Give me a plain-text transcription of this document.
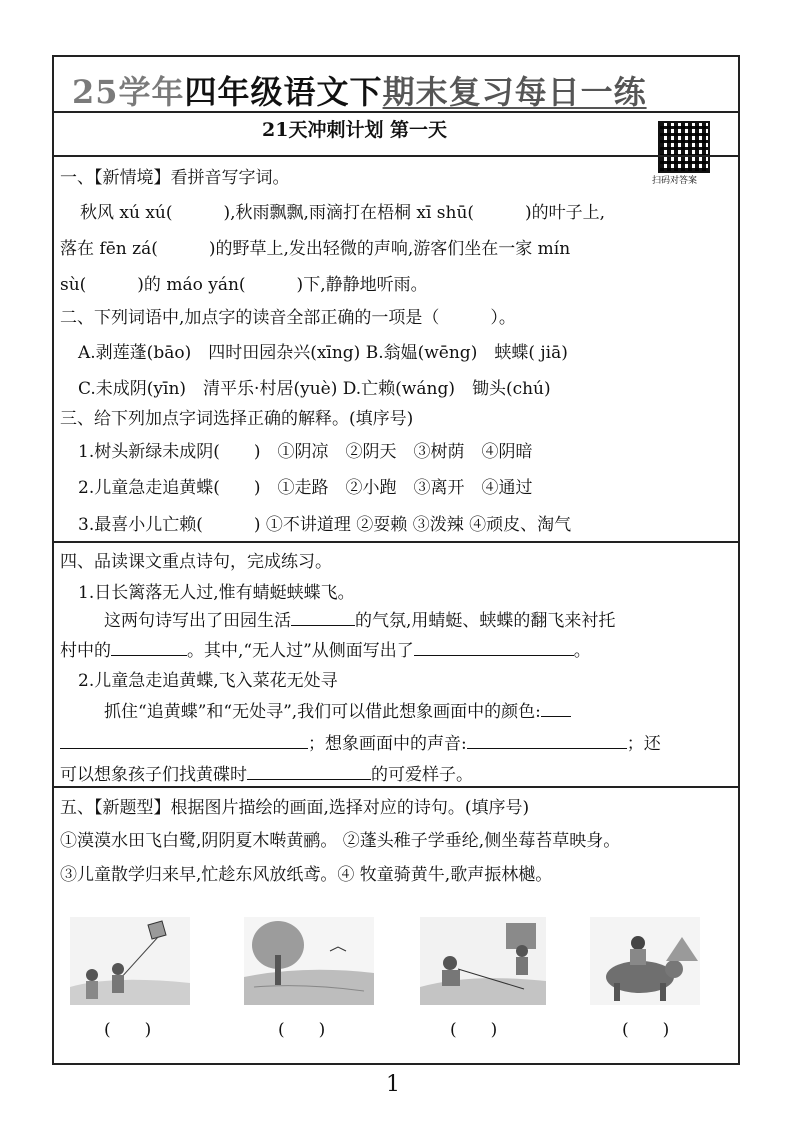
25学年四年级语文下期末复习每日一练
21天冲刺计划 第一天
扫码对答案
一、【新情境】看拼音写字词。
秋风 xú xú(　　　),秋雨飘飘,雨滴打在梧桐 xī shū(　　　)的叶子上,
落在 fēn zá(　　　)的野草上,发出轻微的声响,游客们坐在一家 mín
sù(　　　)的 máo yán(　　　)下,静静地听雨。
二、下列词语中,加点字的读音全部正确的一项是（　　　）。
A.剥莲蓬(bāo)　四时田园杂兴(xīng) B.翁媪(wēng)　蛱蝶( jiā)
C.未成阴(yīn)　清平乐·村居(yuè) D.亡赖(wáng)　锄头(chú)
三、给下列加点字词选择正确的解释。(填序号)
1.树头新绿未成阴(　　)　①阴凉　②阴天　③树荫　④阴暗
2.儿童急走追黄蝶(　　)　①走路　②小跑　③离开　④通过
3.最喜小儿亡赖(　　　) ①不讲道理 ②耍赖 ③泼辣 ④顽皮、淘气
四、品读课文重点诗句，完成练习。
1.日长篱落无人过,惟有蜻蜓蛱蝶飞。
这两句诗写出了田园生活	的气氛,用蜻蜓、蛱蝶的翻飞来衬托
村中的	。其中,“无人过”从侧面写出了	。
2.儿童急走追黄蝶,飞入菜花无处寻
抓住“追黄蝶”和“无处寻”,我们可以借此想象画面中的颜色:
；想象画面中的声音:	；还
可以想象孩子们找黄碟时	的可爱样子。
五、【新题型】根据图片描绘的画面,选择对应的诗句。(填序号)
①漠漠水田飞白鹭,阴阴夏木啭黄鹂。 ②蓬头稚子学垂纶,侧坐莓苔草映身。
③儿童散学归来早,忙趁东风放纸鸢。④ 牧童骑黄牛,歌声振林樾。
(　　)	(　　)	(　　)	(　　)
1
